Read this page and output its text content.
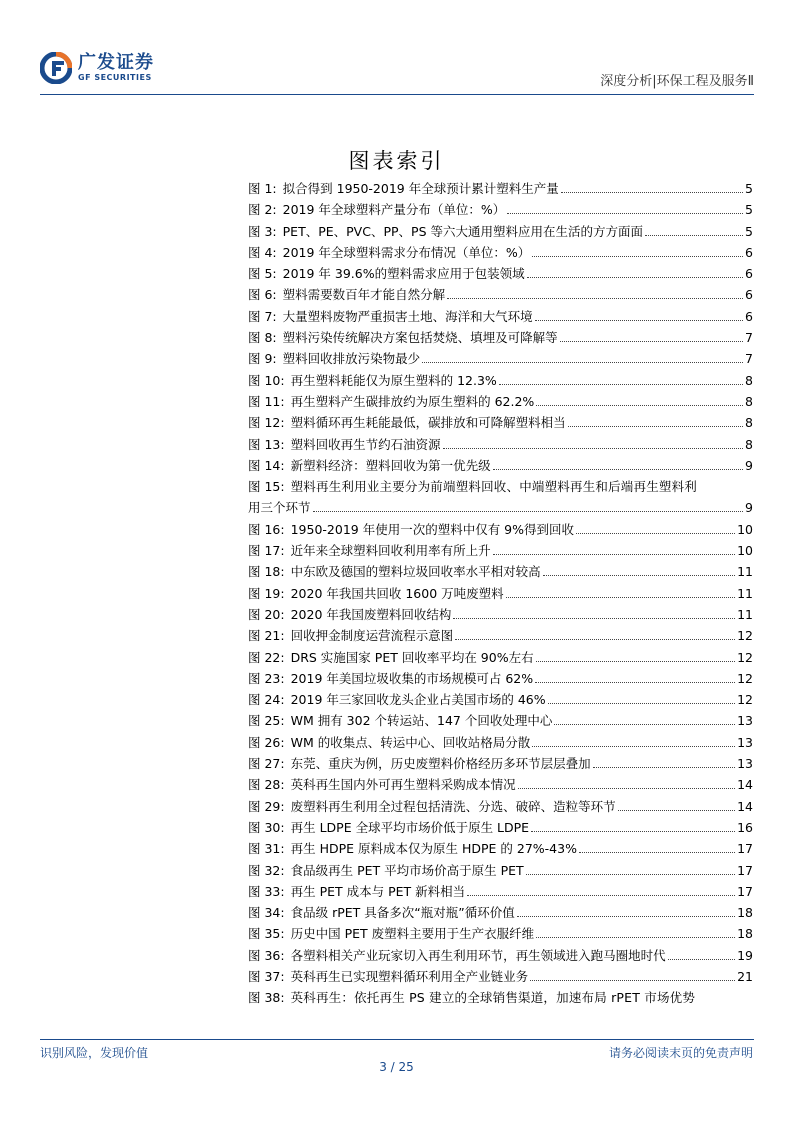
广发证券
GF SECURITIES	深度分析|环保工程及服务Ⅱ
图表索引
图 1: 拟合得到 1950-2019 年全球预计累计塑料生产量	5
图 2: 2019 年全球塑料产量分布（单位：%）	5
图 3: PET、PE、PVC、PP、PS 等六大通用塑料应用在生活的方方面面	5
图 4: 2019 年全球塑料需求分布情况（单位：%）	6
图 5: 2019 年 39.6%的塑料需求应用于包装领域	6
图 6: 塑料需要数百年才能自然分解	6
图 7: 大量塑料废物严重损害土地、海洋和大气环境	6
图 8: 塑料污染传统解决方案包括焚烧、填埋及可降解等	7
图 9: 塑料回收排放污染物最少	7
图 10: 再生塑料耗能仅为原生塑料的 12.3%	8
图 11: 再生塑料产生碳排放约为原生塑料的 62.2%	8
图 12: 塑料循环再生耗能最低，碳排放和可降解塑料相当	8
图 13: 塑料回收再生节约石油资源	8
图 14: 新塑料经济：塑料回收为第一优先级	9
图 15: 塑料再生利用业主要分为前端塑料回收、中端塑料再生和后端再生塑料利
用三个环节	9
图 16: 1950-2019 年使用一次的塑料中仅有 9%得到回收	10
图 17: 近年来全球塑料回收利用率有所上升	10
图 18: 中东欧及德国的塑料垃圾回收率水平相对较高	11
图 19: 2020 年我国共回收 1600 万吨废塑料	11
图 20: 2020 年我国废塑料回收结构	11
图 21: 回收押金制度运营流程示意图	12
图 22: DRS 实施国家 PET 回收率平均在 90%左右	12
图 23: 2019 年美国垃圾收集的市场规模可占 62%	12
图 24: 2019 年三家回收龙头企业占美国市场的 46%	12
图 25: WM 拥有 302 个转运站、147 个回收处理中心	13
图 26: WM 的收集点、转运中心、回收站格局分散	13
图 27: 东莞、重庆为例，历史废塑料价格经历多环节层层叠加	13
图 28: 英科再生国内外可再生塑料采购成本情况	14
图 29: 废塑料再生利用全过程包括清洗、分选、破碎、造粒等环节	14
图 30: 再生 LDPE 全球平均市场价低于原生 LDPE	16
图 31: 再生 HDPE 原料成本仅为原生 HDPE 的 27%-43%	17
图 32: 食品级再生 PET 平均市场价高于原生 PET	17
图 33: 再生 PET 成本与 PET 新料相当	17
图 34: 食品级 rPET 具备多次“瓶对瓶”循环价值	18
图 35: 历史中国 PET 废塑料主要用于生产衣服纤维	18
图 36: 各塑料相关产业玩家切入再生利用环节，再生领域进入跑马圈地时代	19
图 37: 英科再生已实现塑料循环利用全产业链业务	21
图 38: 英科再生：依托再生 PS 建立的全球销售渠道，加速布局 rPET 市场优势
识别风险，发现价值	请务必阅读末页的免责声明
3 / 25
